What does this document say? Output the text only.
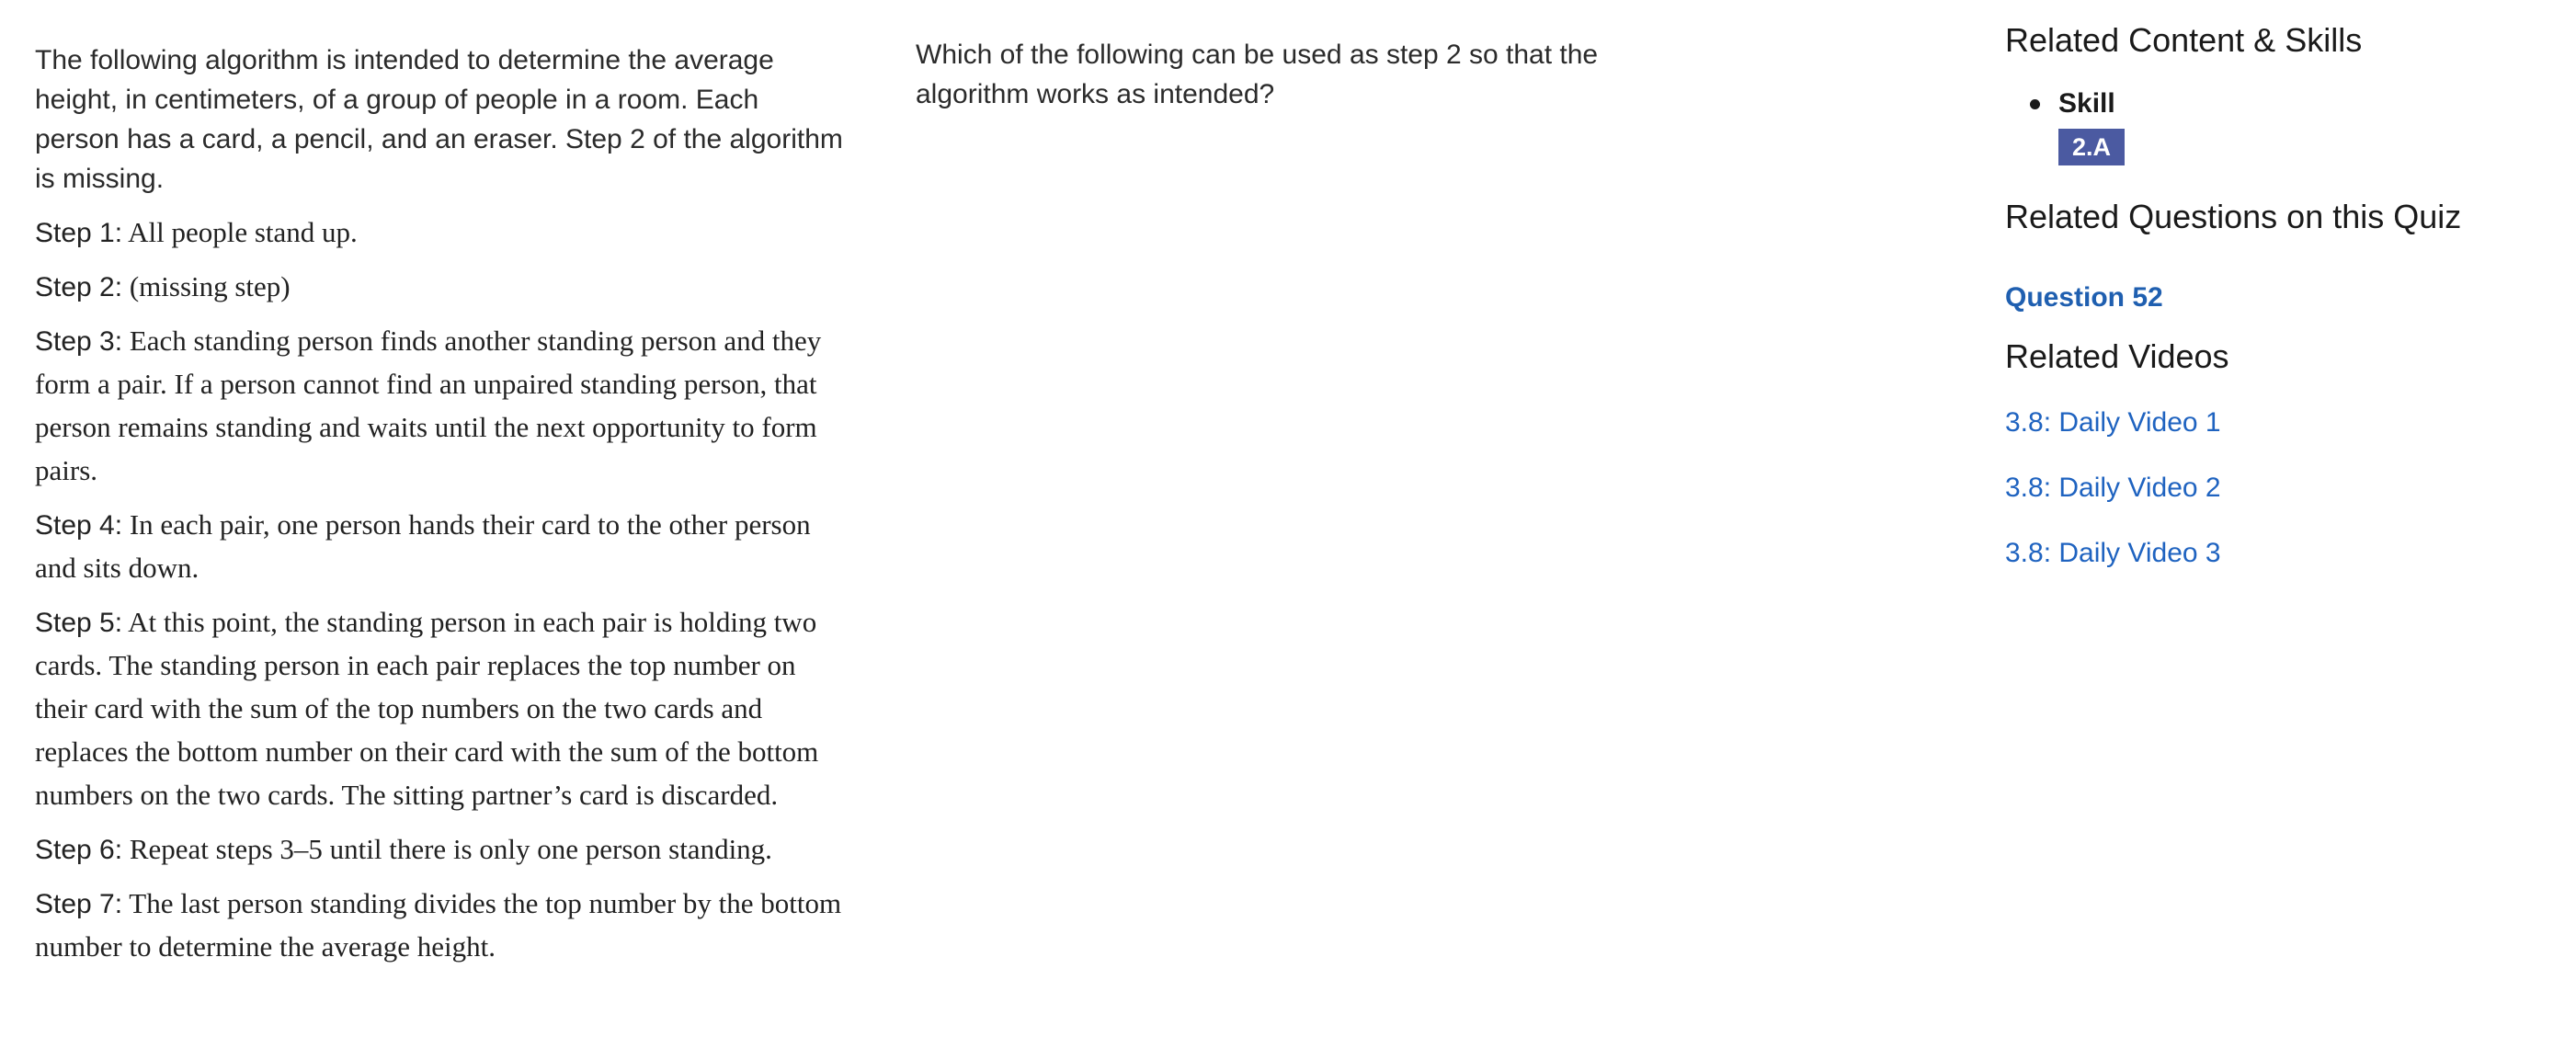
The following algorithm is intended to determine the average height, in centimeters, of a group of people in a room. Each person has a card, a pencil, and an eraser. Step 2 of the algorithm is missing.

Step 1: All people stand up.

Step 2: (missing step)

Step 3: Each standing person finds another standing person and they form a pair. If a person cannot find an unpaired standing person, that person remains standing and waits until the next opportunity to form pairs.

Step 4: In each pair, one person hands their card to the other person and sits down.

Step 5: At this point, the standing person in each pair is holding two cards. The standing person in each pair replaces the top number on their card with the sum of the top numbers on the two cards and replaces the bottom number on their card with the sum of the bottom numbers on the two cards. The sitting partner’s card is discarded.

Step 6: Repeat steps 3–5 until there is only one person standing.

Step 7: The last person standing divides the top number by the bottom number to determine the average height.

Which of the following can be used as step 2 so that the algorithm works as intended?

Related Content & Skills
Skill
2.A
Related Questions on this Quiz
Question 52
Related Videos
3.8: Daily Video 1
3.8: Daily Video 2
3.8: Daily Video 3
